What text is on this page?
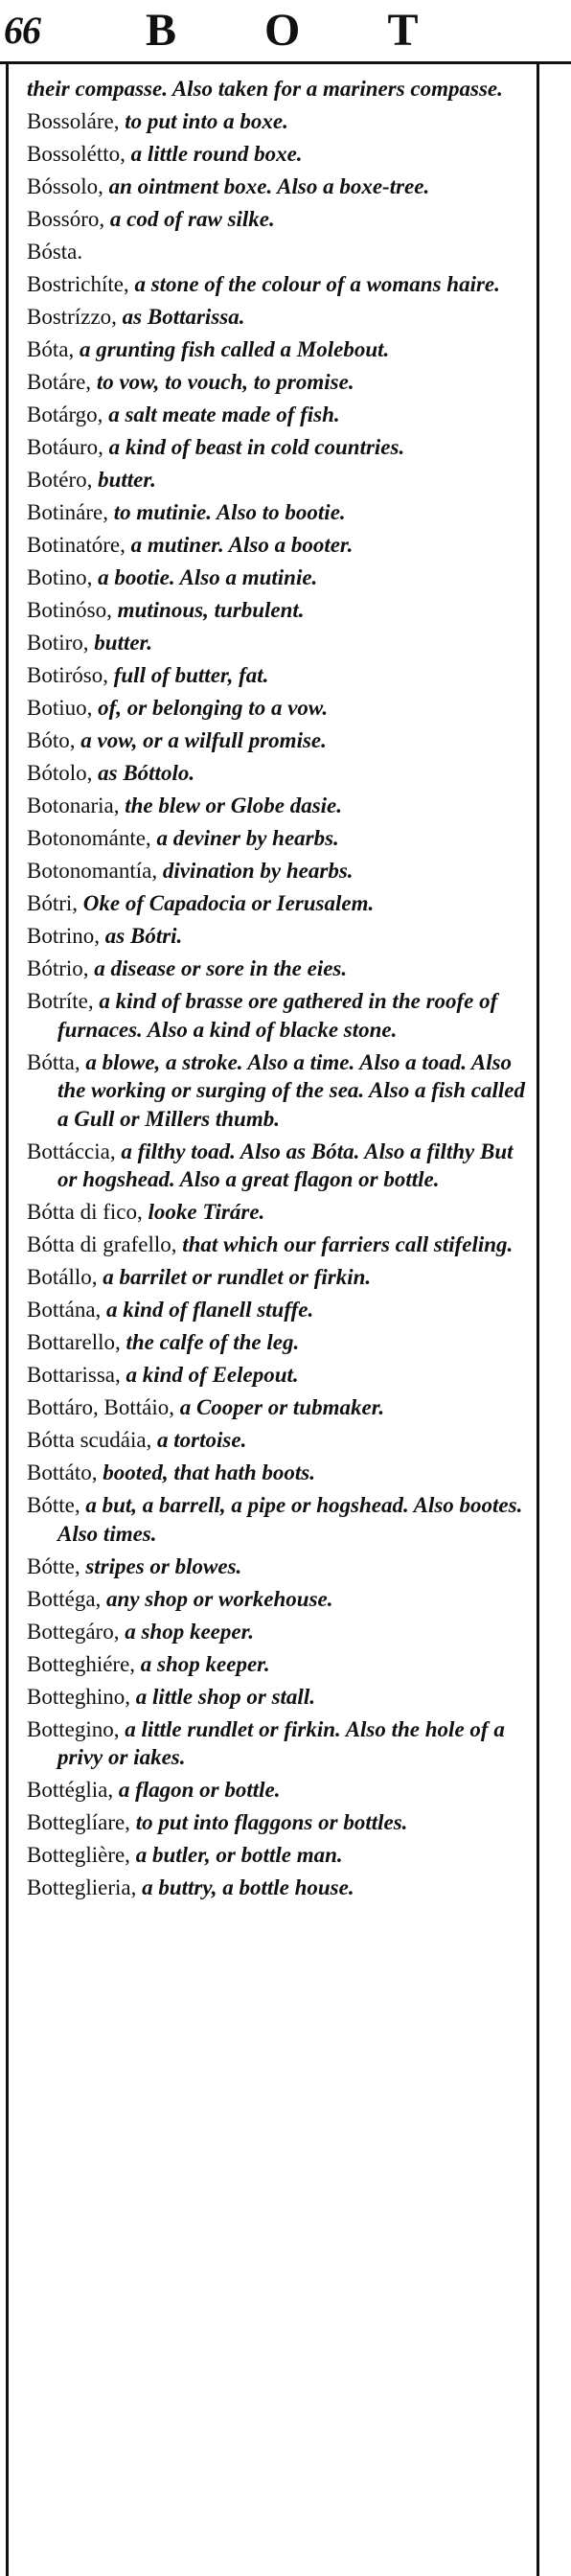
66 B O T
their compasse. Also taken for a mariners compasse.
Bossoláre, to put into a boxe.
Bossolétto, a little round boxe.
Bóssolo, an ointment boxe. Also a boxe-tree.
Bossóro, a cod of raw silke.
Bósta.
Bostrichíte, a stone of the colour of a womans haire.
Bostrízzo, as Bottarissa.
Bóta, a grunting fish called a Molebout.
Botáre, to vow, to vouch, to promise.
Botárgo, a salt meate made of fish.
Botáuro, a kind of beast in cold countries.
Botéro, butter.
Botináre, to mutinie. Also to bootie.
Botinatóre, a mutiner. Also a booter.
Botino, a bootie. Also a mutinie.
Botinóso, mutinous, turbulent.
Botiro, butter.
Botiróso, full of butter, fat.
Botiuo, of, or belonging to a vow.
Bóto, a vow, or a wilfull promise.
Bótolo, as Bóttolo.
Botonaria, the blew or Globe dasie.
Botonománte, a deviner by hearbs.
Botonomantía, divination by hearbs.
Bótri, Oke of Capadocia or Ierusalem.
Botrino, as Bótri.
Bótrio, a disease or sore in the eies.
Botríte, a kind of brasse ore gathered in the roofe of furnaces. Also a kind of blacke stone.
Bótta, a blowe, a stroke. Also a time. Also a toad. Also the working or surging of the sea. Also a fish called a Gull or Millers thumb.
Bottáccia, a filthy toad. Also as Bóta. Also a filthy But or hogshead. Also a great flagon or bottle.
Bótta di fico, looke Tiráre.
Bótta di grafello, that which our farriers call stifeling.
Botállo, a barrilet or rundlet or firkin.
Bottána, a kind of flanell stuffe.
Bottarello, the calfe of the leg.
Bottarissa, a kind of Eelepout.
Bottáro, Bottáio, a Cooper or tubmaker.
Bótta scudáia, a tortoise.
Bottáto, booted, that hath boots.
Bótte, a but, a barrell, a pipe or hogshead. Also bootes. Also times.
Bótte, stripes or blowes.
Bottéga, any shop or workehouse.
Bottegáro, a shop keeper.
Botteghiére, a shop keeper.
Botteghino, a little shop or stall.
Bottegino, a little rundlet or firkin. Also the hole of a privy or iakes.
Bottéglia, a flagon or bottle.
Botteglíare, to put into flaggons or bottles.
Botteglière, a butler, or bottle man.
Botteglieria, a buttry, a bottle house.
